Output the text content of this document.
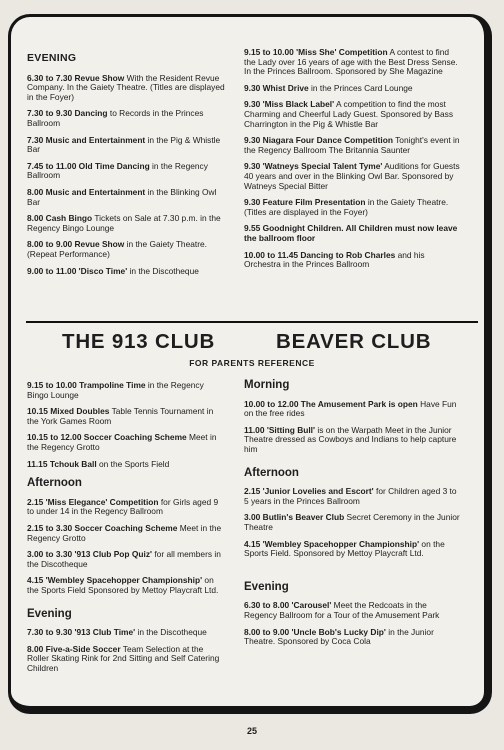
EVENING

6.30 to 7.30 Revue Show With the Resident Revue Company. In the Gaiety Theatre. (Titles are displayed in the Foyer)

7.30 to 9.30 Dancing to Records in the Princes Ballroom

7.30 Music and Entertainment in the Pig & Whistle Bar

7.45 to 11.00 Old Time Dancing in the Regency Ballroom

8.00 Music and Entertainment in the Blinking Owl Bar

8.00 Cash Bingo Tickets on Sale at 7.30 p.m. in the Regency Bingo Lounge

8.00 to 9.00 Revue Show in the Gaiety Theatre. (Repeat Performance)

9.00 to 11.00 'Disco Time' in the Discotheque

9.15 to 10.00 'Miss She' Competition A contest to find the Lady over 16 years of age with the Best Dress Sense. In the Princes Ballroom. Sponsored by She Magazine

9.30 Whist Drive in the Princes Card Lounge

9.30 'Miss Black Label' A competition to find the most Charming and Cheerful Lady Guest. Sponsored by Bass Charrington in the Pig & Whistle Bar

9.30 Niagara Four Dance Competition Tonight's event in the Regency Ballroom The Britannia Saunter

9.30 'Watneys Special Talent Tyme' Auditions for Guests 40 years and over in the Blinking Owl Bar. Sponsored by Watneys Special Bitter

9.30 Feature Film Presentation in the Gaiety Theatre. (Titles are displayed in the Foyer)

9.55 Goodnight Children. All Children must now leave the ballroom floor

10.00 to 11.45 Dancing to Rob Charles and his Orchestra in the Princes Ballroom

THE 913 CLUB	BEAVER CLUB
FOR PARENTS REFERENCE

9.15 to 10.00 Trampoline Time in the Regency Bingo Lounge

10.15 Mixed Doubles Table Tennis Tournament in the York Games Room

10.15 to 12.00 Soccer Coaching Scheme Meet in the Regency Grotto

11.15 Tchouk Ball on the Sports Field

Afternoon

2.15 'Miss Elegance' Competition for Girls aged 9 to under 14 in the Regency Ballroom

2.15 to 3.30 Soccer Coaching Scheme Meet in the Regency Grotto

3.00 to 3.30 '913 Club Pop Quiz' for all members in the Discotheque

4.15 'Wembley Spacehopper Championship' on the Sports Field Sponsored by Mettoy Playcraft Ltd.

Evening

7.30 to 9.30 '913 Club Time' in the Discotheque

8.00 Five-a-Side Soccer Team Selection at the Roller Skating Rink for 2nd Sitting and Self Catering Children

Morning

10.00 to 12.00 The Amusement Park is open Have Fun on the free rides

11.00 'Sitting Bull' is on the Warpath Meet in the Junior Theatre dressed as Cowboys and Indians to help capture him

Afternoon

2.15 'Junior Lovelies and Escort' for Children aged 3 to 5 years in the Princes Ballroom

3.00 Butlin's Beaver Club Secret Ceremony in the Junior Theatre

4.15 'Wembley Spacehopper Championship' on the Sports Field. Sponsored by Mettoy Playcraft Ltd.

Evening

6.30 to 8.00 'Carousel' Meet the Redcoats in the Regency Ballroom for a Tour of the Amusement Park

8.00 to 9.00 'Uncle Bob's Lucky Dip' in the Junior Theatre. Sponsored by Coca Cola

25
